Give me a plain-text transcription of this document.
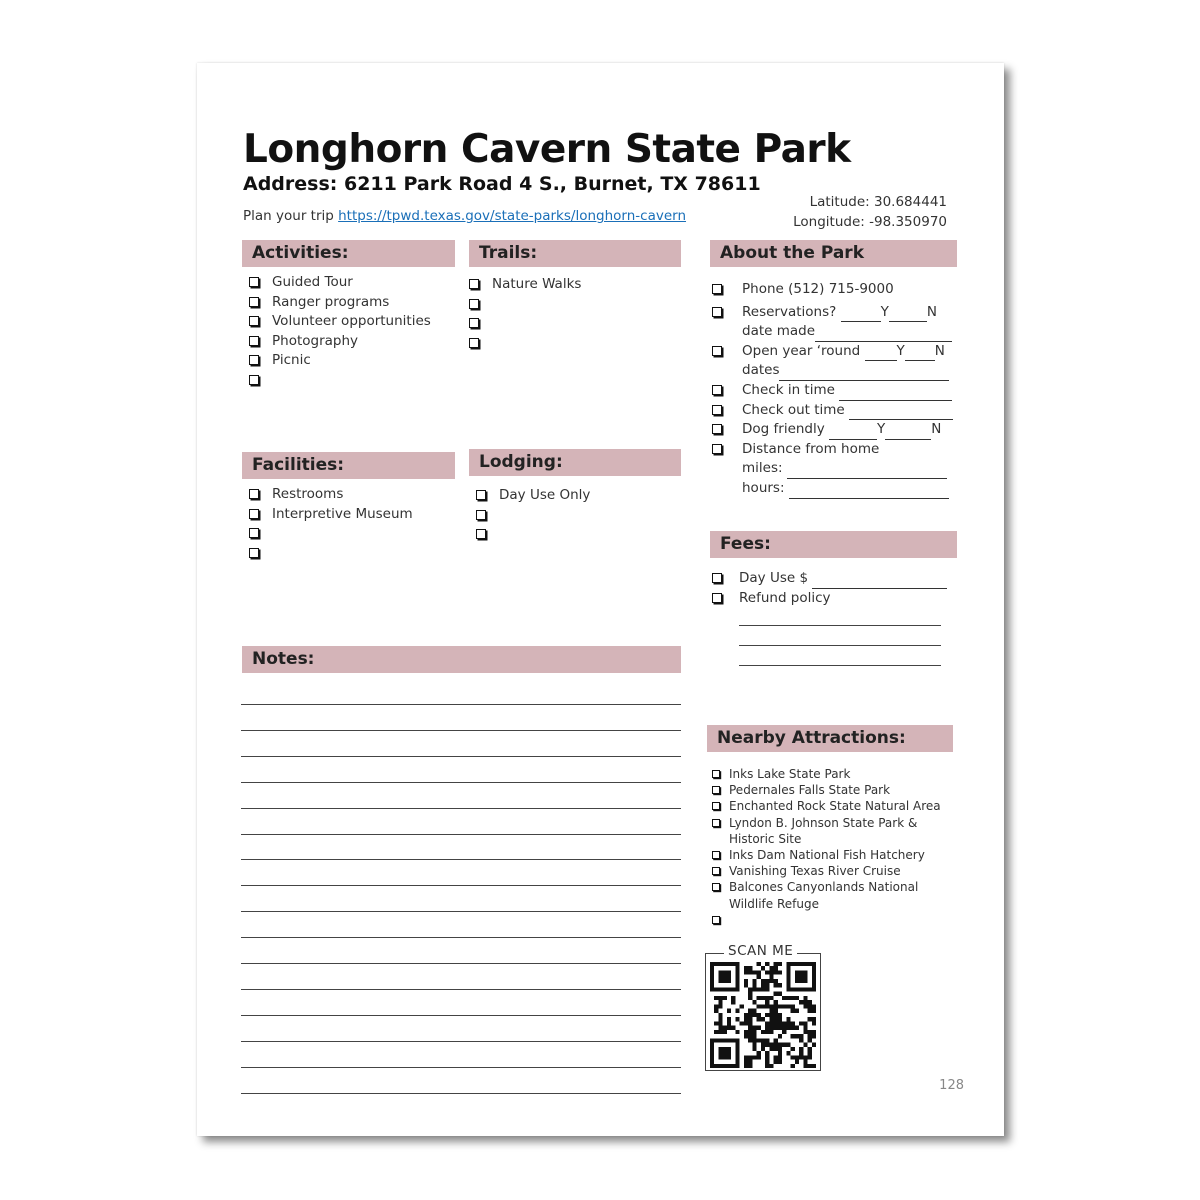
Longhorn Cavern State Park
Address: 6211 Park Road 4 S., Burnet, TX 78611
Plan your trip https://tpwd.texas.gov/state-parks/longhorn-cavern
Latitude: 30.684441
Longitude: -98.350970
Activities:
Guided Tour
Ranger programs
Volunteer opportunities
Photography
Picnic
Trails:
Nature Walks
Facilities:
Restrooms
Interpretive Museum
Lodging:
Day Use Only
About the Park
Phone (512) 715-9000
Reservations?	Y	N
date made
Open year ‘round	Y N
dates
Check in time
Check out time
Dog friendly	Y	N
Distance from home
miles:
hours:
Fees:
Day Use $
Refund policy
Notes:
Nearby Attractions:
Inks Lake State Park
Pedernales Falls State Park
Enchanted Rock State Natural Area
Lyndon B. Johnson State Park &
Historic Site
Inks Dam National Fish Hatchery
Vanishing Texas River Cruise
Balcones Canyonlands National
Wildlife Refuge
SCAN ME
128
